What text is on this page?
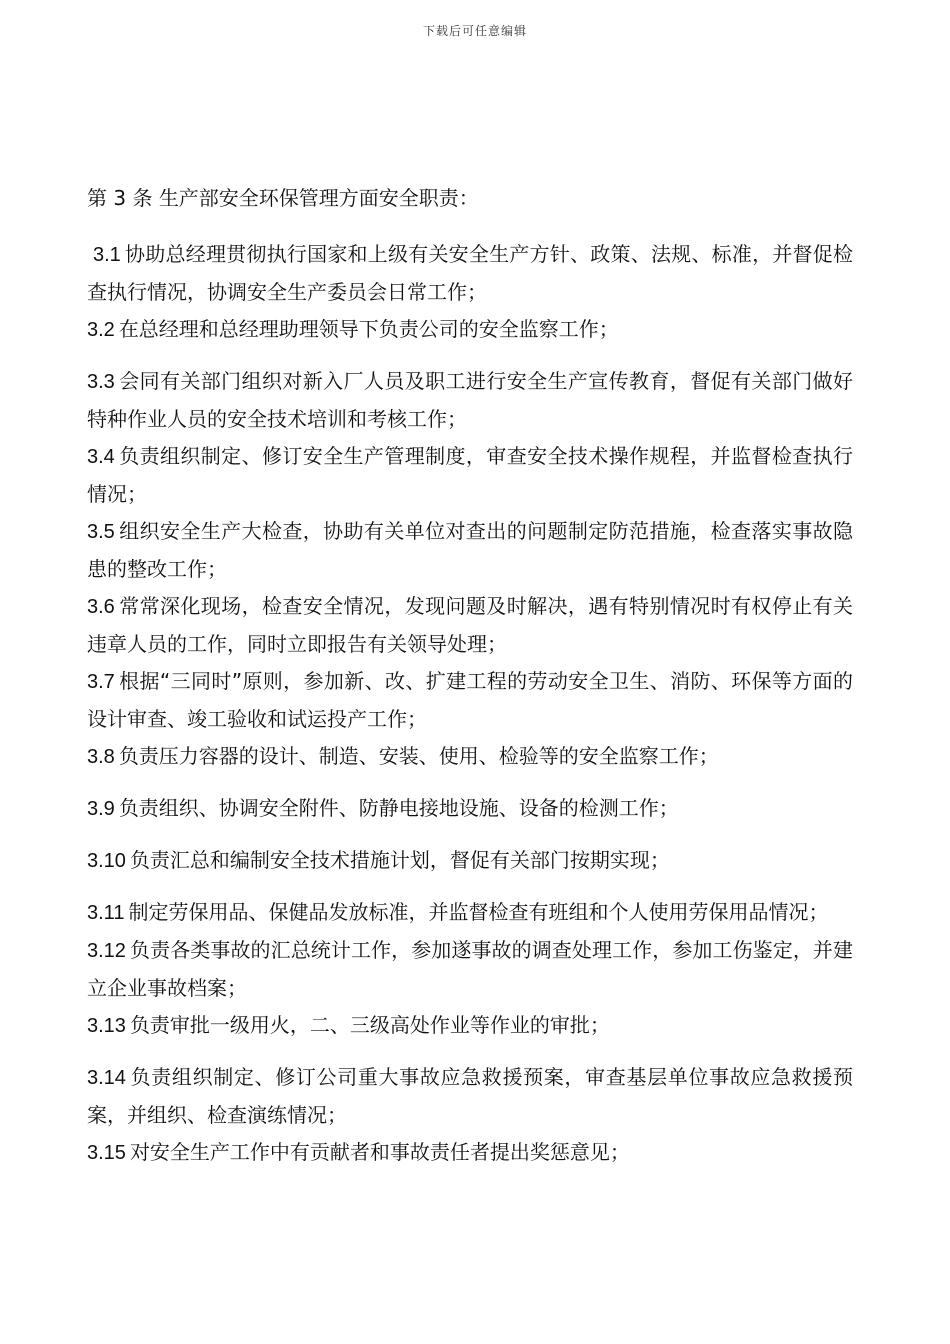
下载后可任意编辑

第 3 条 生产部安全环保管理方面安全职责：

3.1 协助总经理贯彻执行国家和上级有关安全生产方针、政策、法规、标准，并督促检查执行情况，协调安全生产委员会日常工作；

3.2 在总经理和总经理助理领导下负责公司的安全监察工作；

3.3 会同有关部门组织对新入厂人员及职工进行安全生产宣传教育，督促有关部门做好特种作业人员的安全技术培训和考核工作；

3.4 负责组织制定、修订安全生产管理制度，审查安全技术操作规程，并监督检查执行情况；

3.5 组织安全生产大检查，协助有关单位对查出的问题制定防范措施，检查落实事故隐患的整改工作；

3.6 常常深化现场，检查安全情况，发现问题及时解决，遇有特别情况时有权停止有关违章人员的工作，同时立即报告有关领导处理；

3.7 根据“三同时”原则，参加新、改、扩建工程的劳动安全卫生、消防、环保等方面的设计审查、竣工验收和试运投产工作；

3.8 负责压力容器的设计、制造、安装、使用、检验等的安全监察工作；

3.9 负责组织、协调安全附件、防静电接地设施、设备的检测工作；

3.10 负责汇总和编制安全技术措施计划，督促有关部门按期实现；

3.11 制定劳保用品、保健品发放标准，并监督检查有班组和个人使用劳保用品情况；

3.12 负责各类事故的汇总统计工作，参加遂事故的调查处理工作，参加工伤鉴定，并建立企业事故档案；

3.13 负责审批一级用火，二、三级高处作业等作业的审批；

3.14 负责组织制定、修订公司重大事故应急救援预案，审查基层单位事故应急救援预案，并组织、检查演练情况；

3.15 对安全生产工作中有贡献者和事故责任者提出奖惩意见；
